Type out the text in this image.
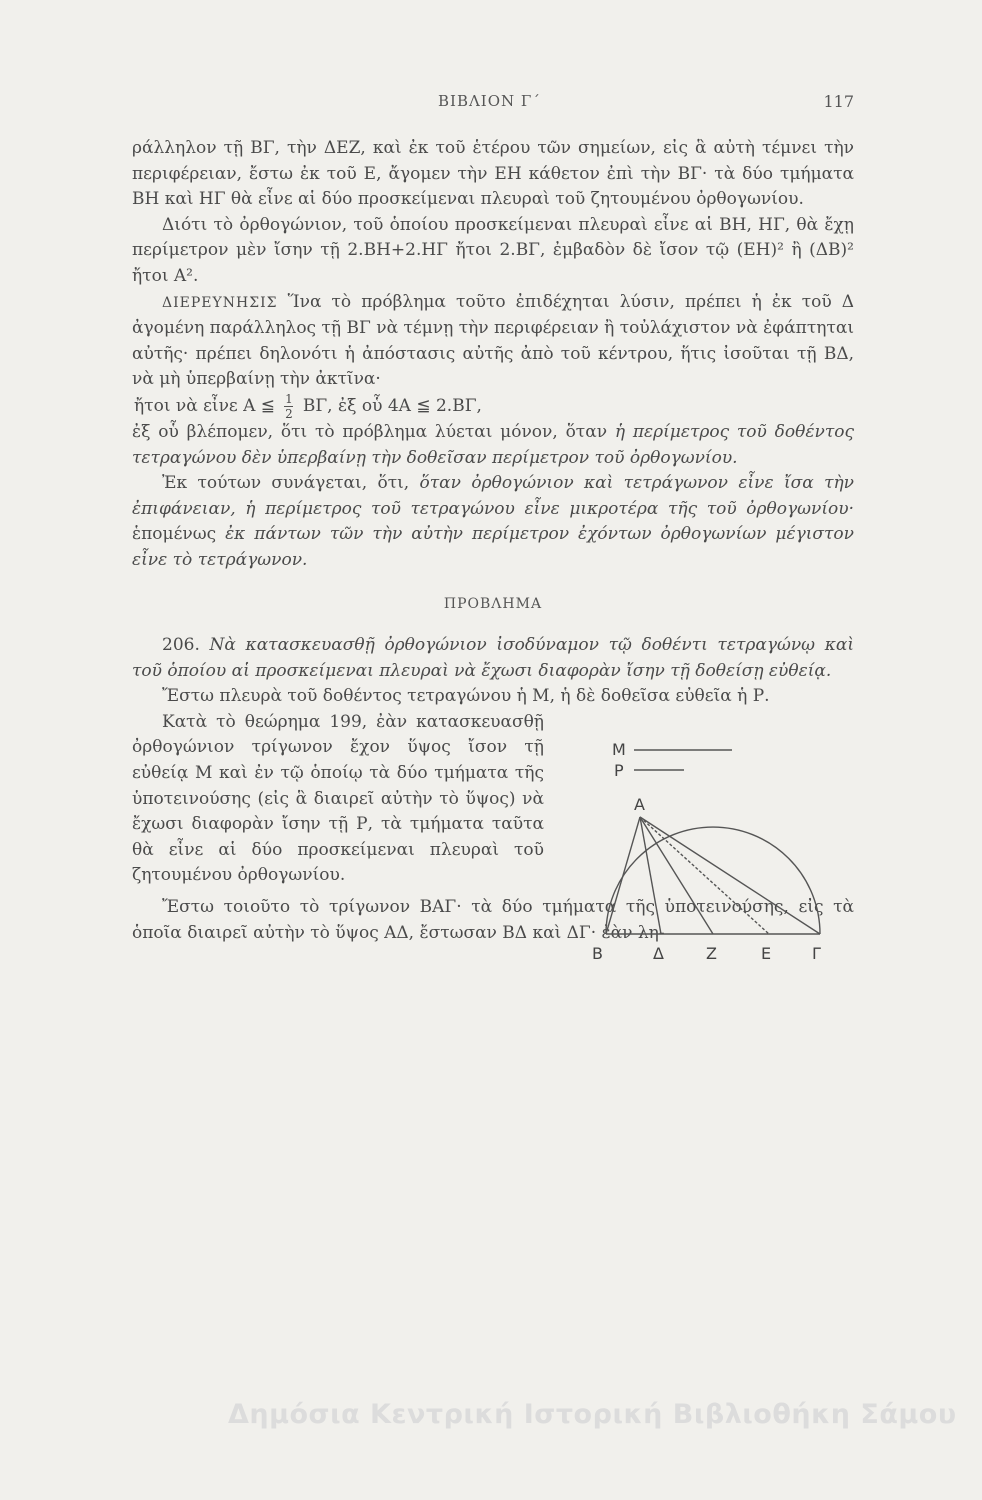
ΒΙΒΛΙΟΝ Γ΄	117

ράλληλον τῇ ΒΓ, τὴν ΔΕΖ, καὶ ἐκ τοῦ ἑτέρου τῶν σημείων, εἰς ἃ αὐτὴ τέμνει τὴν περιφέρειαν, ἔστω ἐκ τοῦ Ε, ἄγομεν τὴν ΕΗ κάθετον ἐπὶ τὴν ΒΓ· τὰ δύο τμήματα ΒΗ καὶ ΗΓ θὰ εἶνε αἱ δύο προσκείμεναι πλευραὶ τοῦ ζητουμένου ὀρθογωνίου.

Διότι τὸ ὀρθογώνιον, τοῦ ὁποίου προσκείμεναι πλευραὶ εἶνε αἱ ΒΗ, ΗΓ, θὰ ἔχῃ περίμετρον μὲν ἴσην τῇ 2.ΒΗ+2.ΗΓ ἤτοι 2.ΒΓ, ἐμβαδὸν δὲ ἴσον τῷ (ΕΗ)² ἢ (ΔΒ)² ἤτοι Α².

ΔΙΕΡΕΥΝΗΣΙΣ Ἵνα τὸ πρόβλημα τοῦτο ἐπιδέχηται λύσιν, πρέπει ἡ ἐκ τοῦ Δ ἀγομένη παράλληλος τῇ ΒΓ νὰ τέμνῃ τὴν περιφέρειαν ἢ τοὐλάχιστον νὰ ἐφάπτηται αὐτῆς· πρέπει δηλονότι ἡ ἀπόστασις αὐτῆς ἀπὸ τοῦ κέντρου, ἥτις ἰσοῦται τῇ ΒΔ, νὰ μὴ ὑπερβαίνῃ τὴν ἀκτῖνα·

ἤτοι νὰ εἶνε Α ≦ $\frac{1}{2} B\Gamma$, ἐξ οὗ 4Α ≦ 2.ΒΓ,

ἐξ οὗ βλέπομεν, ὅτι τὸ πρόβλημα λύεται μόνον, ὅταν ἡ περίμετρος τοῦ δοθέντος τετραγώνου δὲν ὑπερβαίνῃ τὴν δοθεῖσαν περίμετρον τοῦ ὀρθογωνίου.

Ἐκ τούτων συνάγεται, ὅτι, ὅταν ὀρθογώνιον καὶ τετράγωνον εἶνε ἴσα τὴν ἐπιφάνειαν, ἡ περίμετρος τοῦ τετραγώνου εἶνε μικροτέρα τῆς τοῦ ὀρθογωνίου· ἑπομένως ἐκ πάντων τῶν τὴν αὐτὴν περίμετρον ἐχόντων ὀρθογωνίων μέγιστον εἶνε τὸ τετράγωνον.

ΠΡΟΒΛΗΜΑ

206. Νὰ κατασκευασθῇ ὀρθογώνιον ἰσοδύναμον τῷ δοθέντι τετραγώνῳ καὶ τοῦ ὁποίου αἱ προσκείμεναι πλευραὶ νὰ ἔχωσι διαφορὰν ἴσην τῇ δοθείσῃ εὐθείᾳ.

Ἔστω πλευρὰ τοῦ δοθέντος τετραγώνου ἡ Μ, ἡ δὲ δοθεῖσα εὐθεῖα ἡ Ρ.

Κατὰ τὸ θεώρημα 199, ἐὰν κατασκευασθῇ ὀρθογώνιον τρίγωνον ἔχον ὕψος ἴσον τῇ εὐθείᾳ Μ καὶ ἐν τῷ ὁποίῳ τὰ δύο τμήματα τῆς ὑποτεινούσης (εἰς ἃ διαιρεῖ αὐτὴν τὸ ὕψος) νὰ ἔχωσι διαφορὰν ἴσην τῇ Ρ, τὰ τμήματα ταῦτα θὰ εἶνε αἱ δύο προσκείμεναι πλευραὶ τοῦ ζητουμένου ὀρθογωνίου.

M
P
A
B	Δ	Z	E	Γ

Ἔστω τοιοῦτο τὸ τρίγωνον ΒΑΓ· τὰ δύο τμήματα τῆς ὑποτεινούσης, εἰς τὰ ὁποῖα διαιρεῖ αὐτὴν τὸ ὕψος ΑΔ, ἔστωσαν ΒΔ καὶ ΔΓ· ἐὰν λη-

Δημόσια Κεντρική Ιστορική Βιβλιοθήκη Σάμου
